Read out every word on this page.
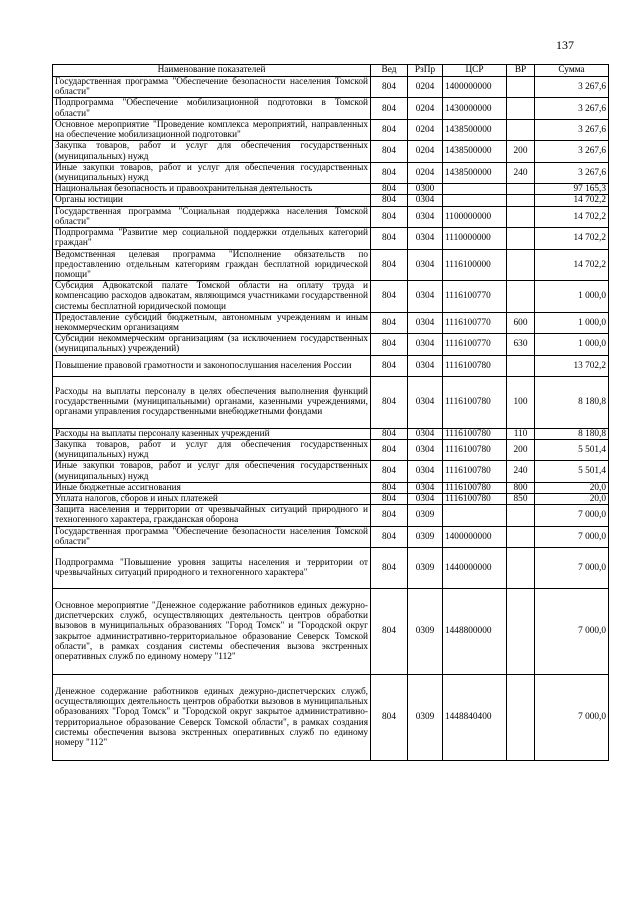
137
Наименование показателей	Вед	РзПр	ЦСР	ВР	Сумма
Государственная программа "Обеспечение безопасности населения Томской области"	804	0204	1400000000		3 267,6
Подпрограмма "Обеспечение мобилизационной подготовки в Томской области"	804	0204	1430000000		3 267,6
Основное мероприятие "Проведение комплекса мероприятий, направленных на обеспечение мобилизационной подготовки"	804	0204	1438500000		3 267,6
Закупка товаров, работ и услуг для обеспечения государственных (муниципальных) нужд	804	0204	1438500000	200	3 267,6
Иные закупки товаров, работ и услуг для обеспечения государственных (муниципальных) нужд	804	0204	1438500000	240	3 267,6
Национальная безопасность и правоохранительная деятельность	804	0300			97 165,3
Органы юстиции	804	0304			14 702,2
Государственная программа "Социальная поддержка населения Томской области"	804	0304	1100000000		14 702,2
Подпрограмма "Развитие мер социальной поддержки отдельных категорий граждан"	804	0304	1110000000		14 702,2
Ведомственная целевая программа "Исполнение обязательств по предоставлению отдельным категориям граждан бесплатной юридической помощи"	804	0304	1116100000		14 702,2
Субсидия Адвокатской палате Томской области на оплату труда и компенсацию расходов адвокатам, являющимся участниками государственной системы бесплатной юридической помощи	804	0304	1116100770		1 000,0
Предоставление субсидий бюджетным, автономным учреждениям и иным некоммерческим организациям	804	0304	1116100770	600	1 000,0
Субсидии некоммерческим организациям (за исключением государственных (муниципальных) учреждений)	804	0304	1116100770	630	1 000,0
Повышение правовой грамотности и законопослушания населения России	804	0304	1116100780		13 702,2
Расходы на выплаты персоналу в целях обеспечения выполнения функций государственными (муниципальными) органами, казенными учреждениями, органами управления государственными внебюджетными фондами	804	0304	1116100780	100	8 180,8
Расходы на выплаты персоналу казенных учреждений	804	0304	1116100780	110	8 180,8
Закупка товаров, работ и услуг для обеспечения государственных (муниципальных) нужд	804	0304	1116100780	200	5 501,4
Иные закупки товаров, работ и услуг для обеспечения государственных (муниципальных) нужд	804	0304	1116100780	240	5 501,4
Иные бюджетные ассигнования	804	0304	1116100780	800	20,0
Уплата налогов, сборов и иных платежей	804	0304	1116100780	850	20,0
Защита населения и территории от чрезвычайных ситуаций природного и техногенного характера, гражданская оборона	804	0309			7 000,0
Государственная программа "Обеспечение безопасности населения Томской области"	804	0309	1400000000		7 000,0
Подпрограмма "Повышение уровня защиты населения и территории от чрезвычайных ситуаций природного и техногенного характера"	804	0309	1440000000		7 000,0
Основное мероприятие "Денежное содержание работников единых дежурно-диспетчерских служб, осуществляющих деятельность центров обработки вызовов в муниципальных образованиях "Город Томск" и "Городской округ закрытое административно-территориальное образование Северск Томской области", в рамках создания системы обеспечения вызова экстренных оперативных служб по единому номеру "112"	804	0309	1448800000		7 000,0
Денежное содержание работников единых дежурно-диспетчерских служб, осуществляющих деятельность центров обработки вызовов в муниципальных образованиях "Город Томск" и "Городской округ закрытое административно-территориальное образование Северск Томской области", в рамках создания системы обеспечения вызова экстренных оперативных служб по единому номеру "112"	804	0309	1448840400		7 000,0
